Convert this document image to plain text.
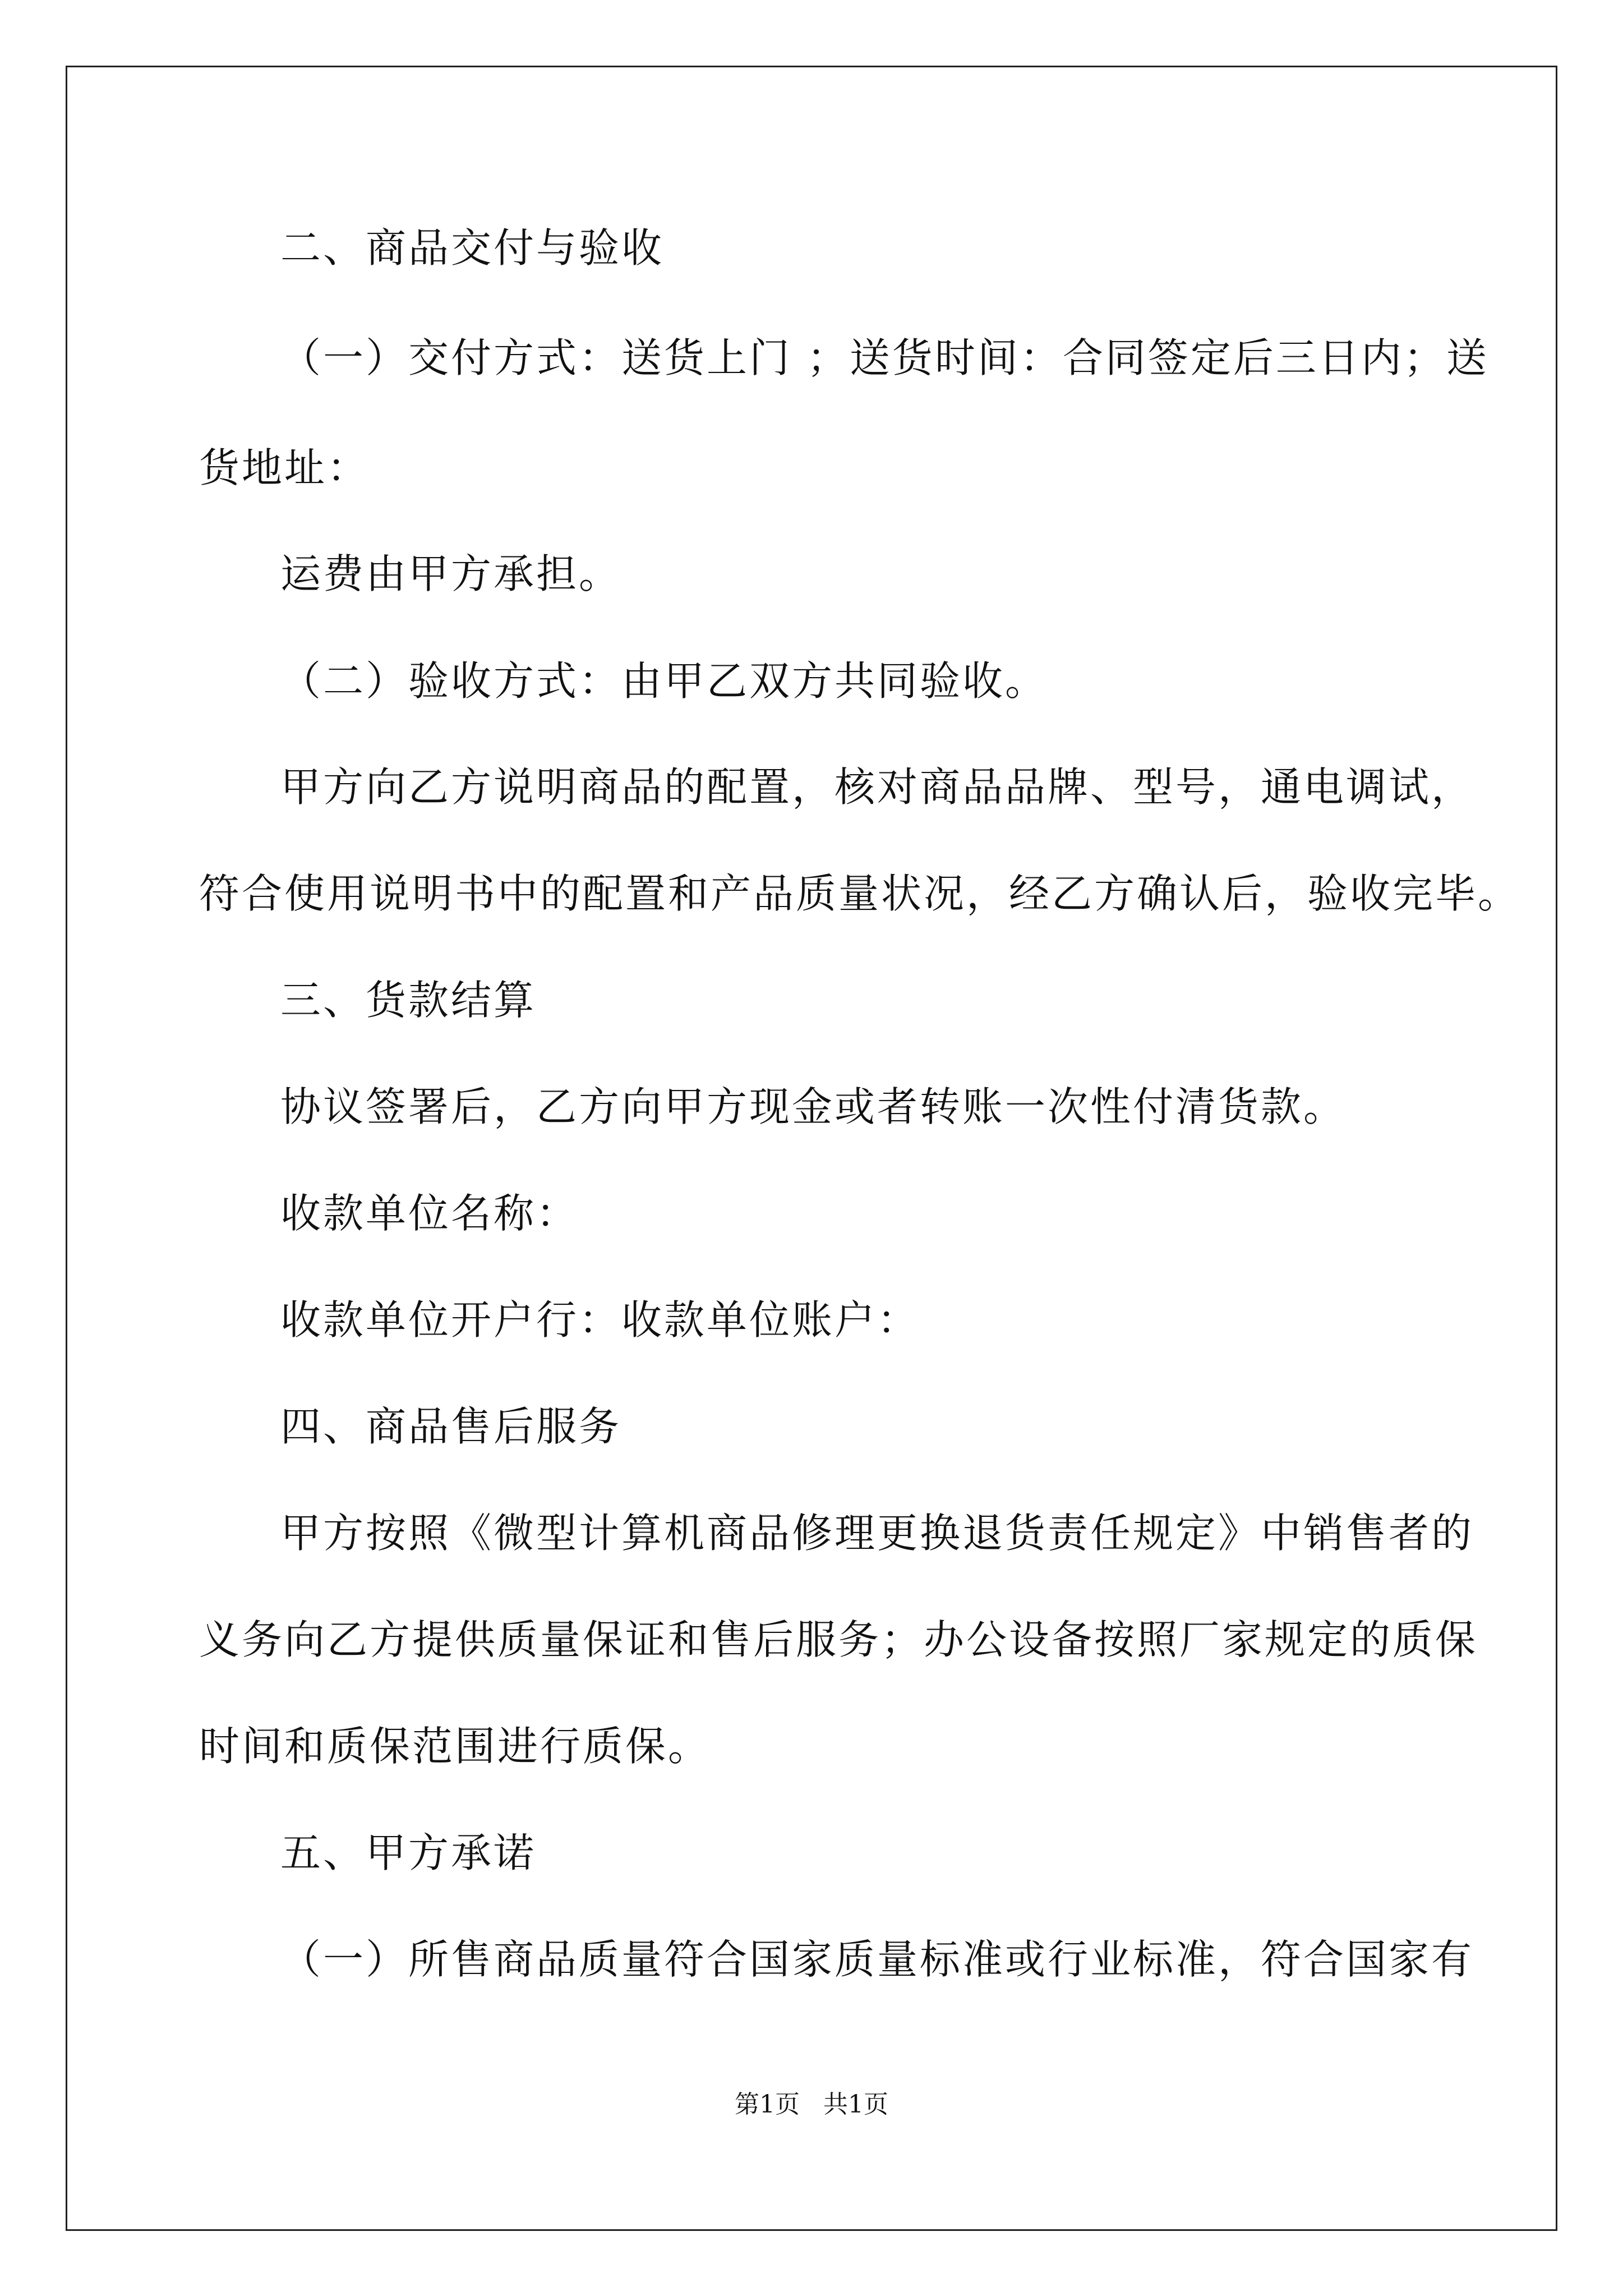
二、商品交付与验收
（一）交付方式：送货上门 ；送货时间：合同签定后三日内；送
货地址：
运费由甲方承担。
（二）验收方式：由甲乙双方共同验收。
甲方向乙方说明商品的配置，核对商品品牌、型号，通电调试，
符合使用说明书中的配置和产品质量状况，经乙方确认后，验收完毕。
三、货款结算
协议签署后，乙方向甲方现金或者转账一次性付清货款。
收款单位名称：
收款单位开户行：收款单位账户：
四、商品售后服务
甲方按照《微型计算机商品修理更换退货责任规定》中销售者的
义务向乙方提供质量保证和售后服务；办公设备按照厂家规定的质保
时间和质保范围进行质保。
五、甲方承诺
（一）所售商品质量符合国家质量标准或行业标准，符合国家有
第1页   共1页
